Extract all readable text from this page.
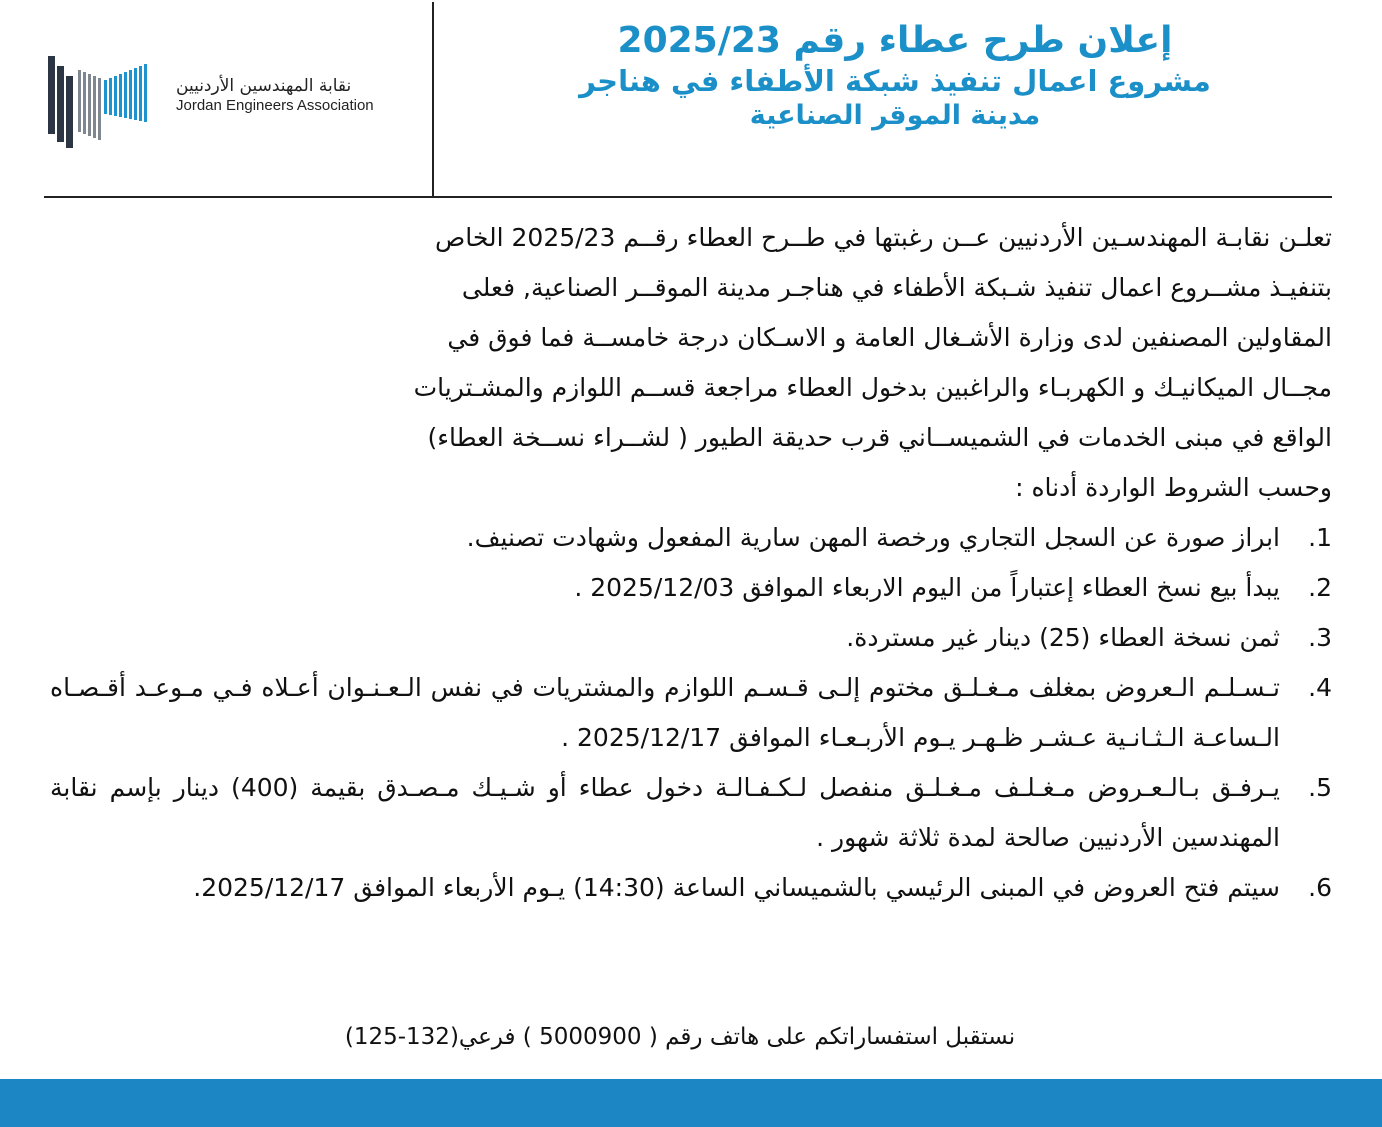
إعلان طرح عطاء رقم 2025/23
مشروع اعمال تنفيذ شبكة الأطفاء في هناجر
مدينة الموقر الصناعية
نقابة المهندسين الأردنيين
Jordan Engineers Association

تعلـن نقابـة المهندسـين الأردنيين عــن رغبتها في طــرح العطاء رقــم 2025/23 الخاص

بتنفيـذ مشــروع اعمال تنفيذ شـبكة الأطفاء في هناجـر مدينة الموقــر الصناعية, فعلى

المقاولين المصنفين لدى وزارة الأشـغال العامة و الاسـكان درجة خامســة فما فوق في

مجــال الميكانيـك و الكهربـاء والراغبين بدخول العطاء مراجعة قســم اللوازم والمشـتريات

الواقع في مبنى الخدمات في الشميســاني قرب حديقة الطيور ( لشــراء نســخة العطاء)

وحسب الشروط الواردة أدناه :

1.
ابراز صورة عن السجل التجاري ورخصة المهن سارية المفعول وشهادت تصنيف.
2.
يبدأ بيع نسخ العطاء إعتباراً من اليوم الاربعاء الموافق 2025/12/03 .
3.
ثمن نسخة العطاء (25) دينار غير مستردة.
4.
تـسـلـم الـعروض بمغلف مـغـلـق مختوم إلـى قـسـم اللوازم والمشتريات في نفس الـعـنـوان أعـلاه فـي مـوعـد أقـصـاه الـساعـة الـثـانـية عـشـر ظـهـر يـوم الأربـعـاء الموافق 2025/12/17 .
5.
يـرفـق بـالـعـروض مـغـلـف مـغـلـق منفصل لـكـفـالـة دخول عطاء أو شـيـك مـصـدق بقيمة (400) دينار بإسم نقابة المهندسين الأردنيين صالحة لمدة ثلاثة شهور .
6.
سيتم فتح العروض في المبنى الرئيسي بالشميساني الساعة (14:30) يـوم الأربعاء الموافق 2025/12/17.
نستقبل استفساراتكم على هاتف رقم ( 5000900 ) فرعي(132-125)
